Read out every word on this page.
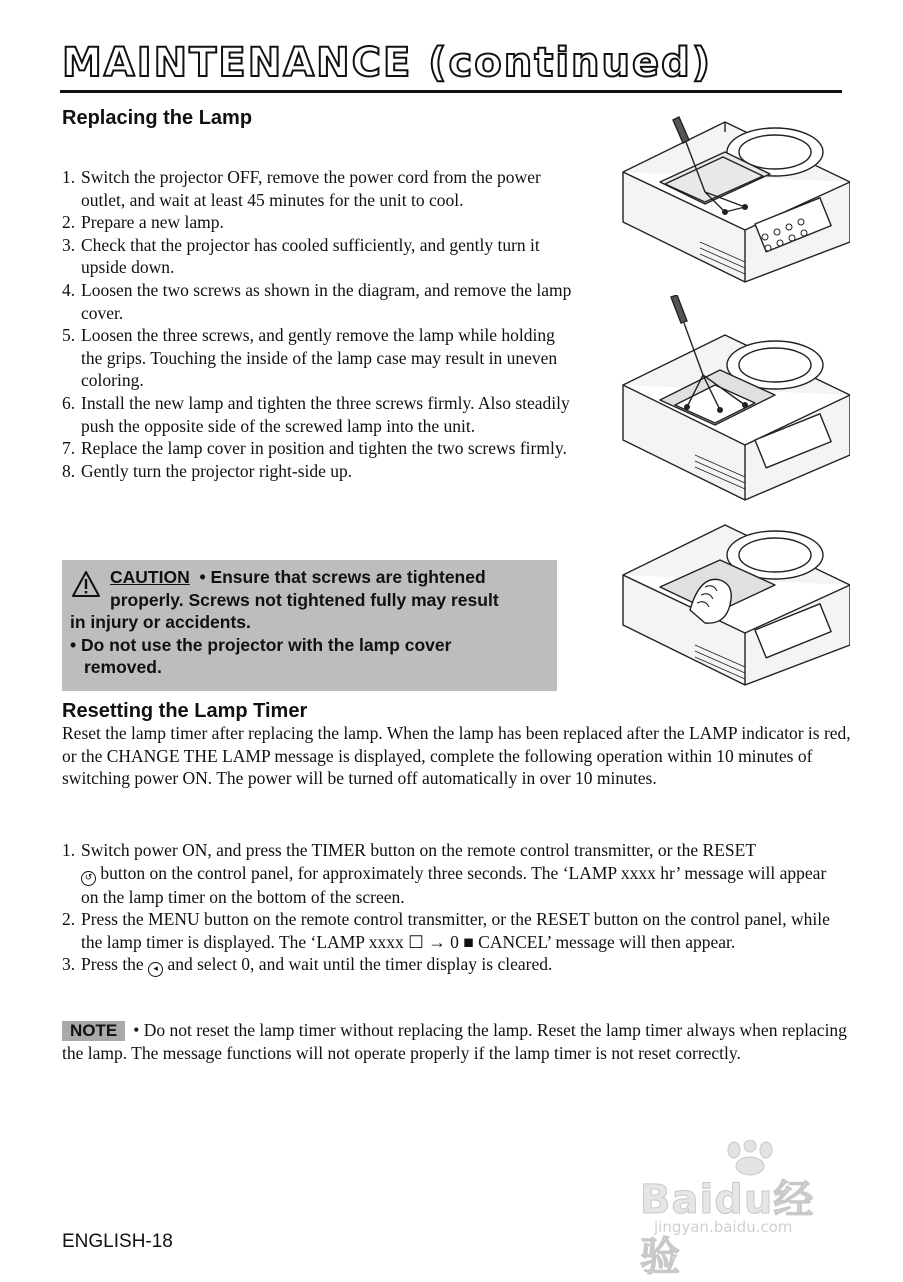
MAINTENANCE (continued)
Replacing the Lamp
1. Switch the projector OFF, remove the power cord from the power outlet, and wait at least 45 minutes for the unit to cool.
2. Prepare a new lamp.
3. Check that the projector has cooled sufficiently, and gently turn it upside down.
4. Loosen the two screws as shown in the diagram, and remove the lamp cover.
5. Loosen the three screws, and gently remove the lamp while holding the grips. Touching the inside of the lamp case may result in uneven coloring.
6. Install the new lamp and tighten the three screws firmly. Also steadily push the opposite side of the screwed lamp into the unit.
7. Replace the lamp cover in position and tighten the two screws firmly.
8. Gently turn the projector right-side up.
CAUTION • Ensure that screws are tightened
properly. Screws not tightened fully may result
in injury or accidents.
• Do not use the projector with the lamp cover removed.
Resetting the Lamp Timer

Reset the lamp timer after replacing the lamp. When the lamp has been replaced after the LAMP indicator is red, or the CHANGE THE LAMP message is displayed, complete the following operation within 10 minutes of switching power ON. The power will be turned off automatically in over 10 minutes.

1. Switch power ON, and press the TIMER button on the remote control transmitter, or the RESET
↺ button on the control panel, for approximately three seconds. The ‘LAMP xxxx hr’ message will appear on the lamp timer on the bottom of the screen.
2. Press the MENU button on the remote control transmitter, or the RESET button on the control panel, while the lamp timer is displayed. The ‘LAMP xxxx ☐ → 0 ■ CANCEL’ message will then appear.
3. Press the ◂ and select 0, and wait until the timer display is cleared.

NOTE • Do not reset the lamp timer without replacing the lamp. Reset the lamp timer always when replacing the lamp. The message functions will not operate properly if the lamp timer is not reset correctly.

Baidu经验
jingyan.baidu.com
ENGLISH-18
